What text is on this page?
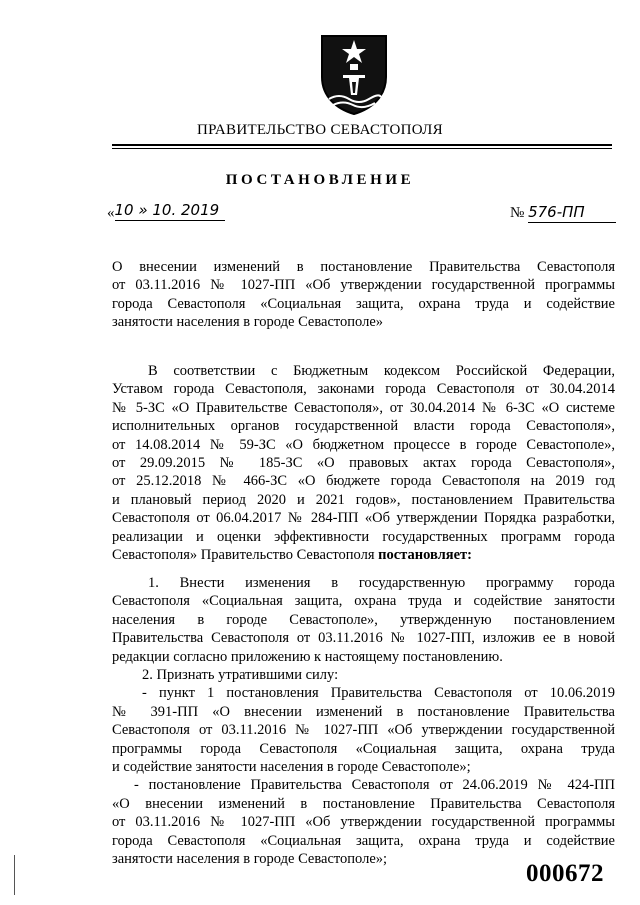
ПРАВИТЕЛЬСТВО СЕВАСТОПОЛЯ
ПОСТАНОВЛЕНИЕ
«10 » 10. 2019	№ 576-ПП
О внесении изменений в постановление Правительства Севастополя
от 03.11.2016 № 1027-ПП «Об утверждении государственной программы
города Севастополя «Социальная защита, охрана труда и содействие
занятости населения в городе Севастополе»
В соответствии с Бюджетным кодексом Российской Федерации,
Уставом города Севастополя, законами города Севастополя от 30.04.2014
№ 5-ЗС «О Правительстве Севастополя», от 30.04.2014 № 6-ЗС «О системе
исполнительных органов государственной власти города Севастополя»,
от 14.08.2014 № 59-ЗС «О бюджетном процессе в городе Севастополе»,
от 29.09.2015 № 185-ЗС «О правовых актах города Севастополя»,
от 25.12.2018 № 466-ЗС «О бюджете города Севастополя на 2019 год
и плановый период 2020 и 2021 годов», постановлением Правительства
Севастополя от 06.04.2017 № 284-ПП «Об утверждении Порядка разработки,
реализации и оценки эффективности государственных программ города
Севастополя» Правительство Севастополя постановляет:
1. Внести изменения в государственную программу города
Севастополя «Социальная защита, охрана труда и содействие занятости
населения в городе Севастополе», утвержденную постановлением
Правительства Севастополя от 03.11.2016 № 1027-ПП, изложив ее в новой
редакции согласно приложению к настоящему постановлению.
2. Признать утратившими силу:
- пункт 1 постановления Правительства Севастополя от 10.06.2019
№ 391-ПП «О внесении изменений в постановление Правительства
Севастополя от 03.11.2016 № 1027-ПП «Об утверждении государственной
программы города Севастополя «Социальная защита, охрана труда
и содействие занятости населения в городе Севастополе»;
- постановление Правительства Севастополя от 24.06.2019 № 424-ПП
«О внесении изменений в постановление Правительства Севастополя
от 03.11.2016 № 1027-ПП «Об утверждении государственной программы
города Севастополя «Социальная защита, охрана труда и содействие
занятости населения в городе Севастополе»;
000672
